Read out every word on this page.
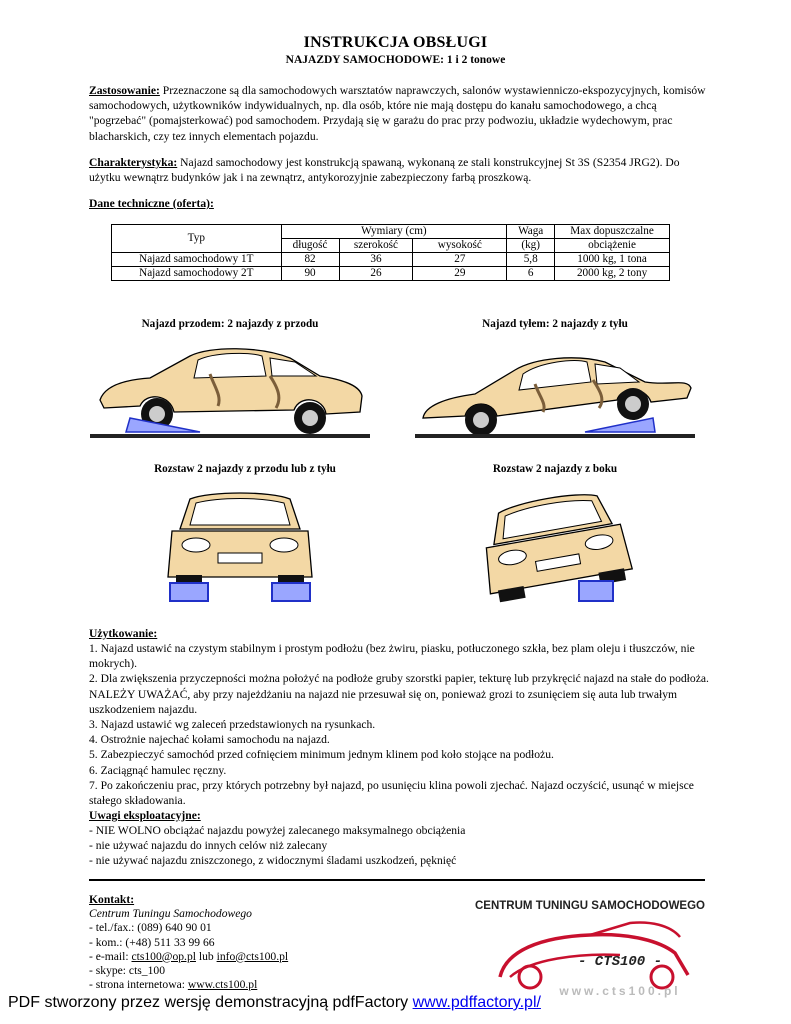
INSTRUKCJA OBSŁUGI
NAJAZDY SAMOCHODOWE: 1 i 2 tonowe
Zastosowanie: Przeznaczone są dla samochodowych warsztatów naprawczych, salonów wystawienniczo-ekspozycyjnych, komisów samochodowych, użytkowników indywidualnych, np. dla osób, które nie mają dostępu do kanału samochodowego, a chcą "pogrzebać" (pomajsterkować) pod samochodem. Przydają się w garażu do prac przy podwoziu, układzie wydechowym, prac blacharskich, czy tez innych elementach pojazdu.
Charakterystyka: Najazd samochodowy jest konstrukcją spawaną, wykonaną ze stali konstrukcyjnej St 3S (S2354 JRG2). Do użytku wewnątrz budynków jak i na zewnątrz, antykorozyjnie zabezpieczony farbą proszkową.
Dane techniczne (oferta):
Typ	Wymiary (cm)			Waga	Max dopuszczalne
	długość	szerokość	wysokość	(kg)	obciążenie
Najazd samochodowy 1T	82	36	27	5,8	1000 kg, 1 tona
Najazd samochodowy 2T	90	26	29	6	2000 kg, 2 tony
Najazd przodem: 2 najazdy z przodu	Najazd tyłem: 2 najazdy z tyłu
Rozstaw 2 najazdy z przodu lub z tyłu	Rozstaw 2 najazdy z boku
Użytkowanie:
1. Najazd ustawić na czystym stabilnym i prostym podłożu (bez żwiru, piasku, potłuczonego szkła, bez plam oleju i tłuszczów, nie mokrych).
2. Dla zwiększenia przyczepności można położyć na podłoże gruby szorstki papier, tekturę lub przykręcić najazd na stałe do podłoża. NALEŻY UWAŻAĆ, aby przy najeżdżaniu na najazd nie przesuwał się on, ponieważ grozi to zsunięciem się auta lub trwałym uszkodzeniem najazdu.
3. Najazd ustawić wg zaleceń przedstawionych na rysunkach.
4. Ostrożnie najechać kołami samochodu na najazd.
5. Zabezpieczyć samochód przed cofnięciem minimum jednym klinem pod koło stojące na podłożu.
6. Zaciągnąć hamulec ręczny.
7. Po zakończeniu prac, przy których potrzebny był najazd, po usunięciu klina powoli zjechać. Najazd oczyścić, usunąć w miejsce stałego składowania.
Uwagi eksploatacyjne:
- NIE WOLNO obciążać najazdu powyżej zalecanego maksymalnego obciążenia
- nie używać najazdu do innych celów niż zalecany
- nie używać najazdu zniszczonego, z widocznymi śladami uszkodzeń, pęknięć
Kontakt:
Centrum Tuningu Samochodowego
- tel./fax.: (089) 640 90 01
- kom.: (+48) 511 33 99 66
- e-mail: cts100@op.pl lub info@cts100.pl
- skype: cts_100
- strona internetowa: www.cts100.pl
CENTRUM TUNINGU SAMOCHODOWEGO
- CTS100 -
www.cts100.pl
PDF stworzony przez wersję demonstracyjną pdfFactory www.pdffactory.pl/
